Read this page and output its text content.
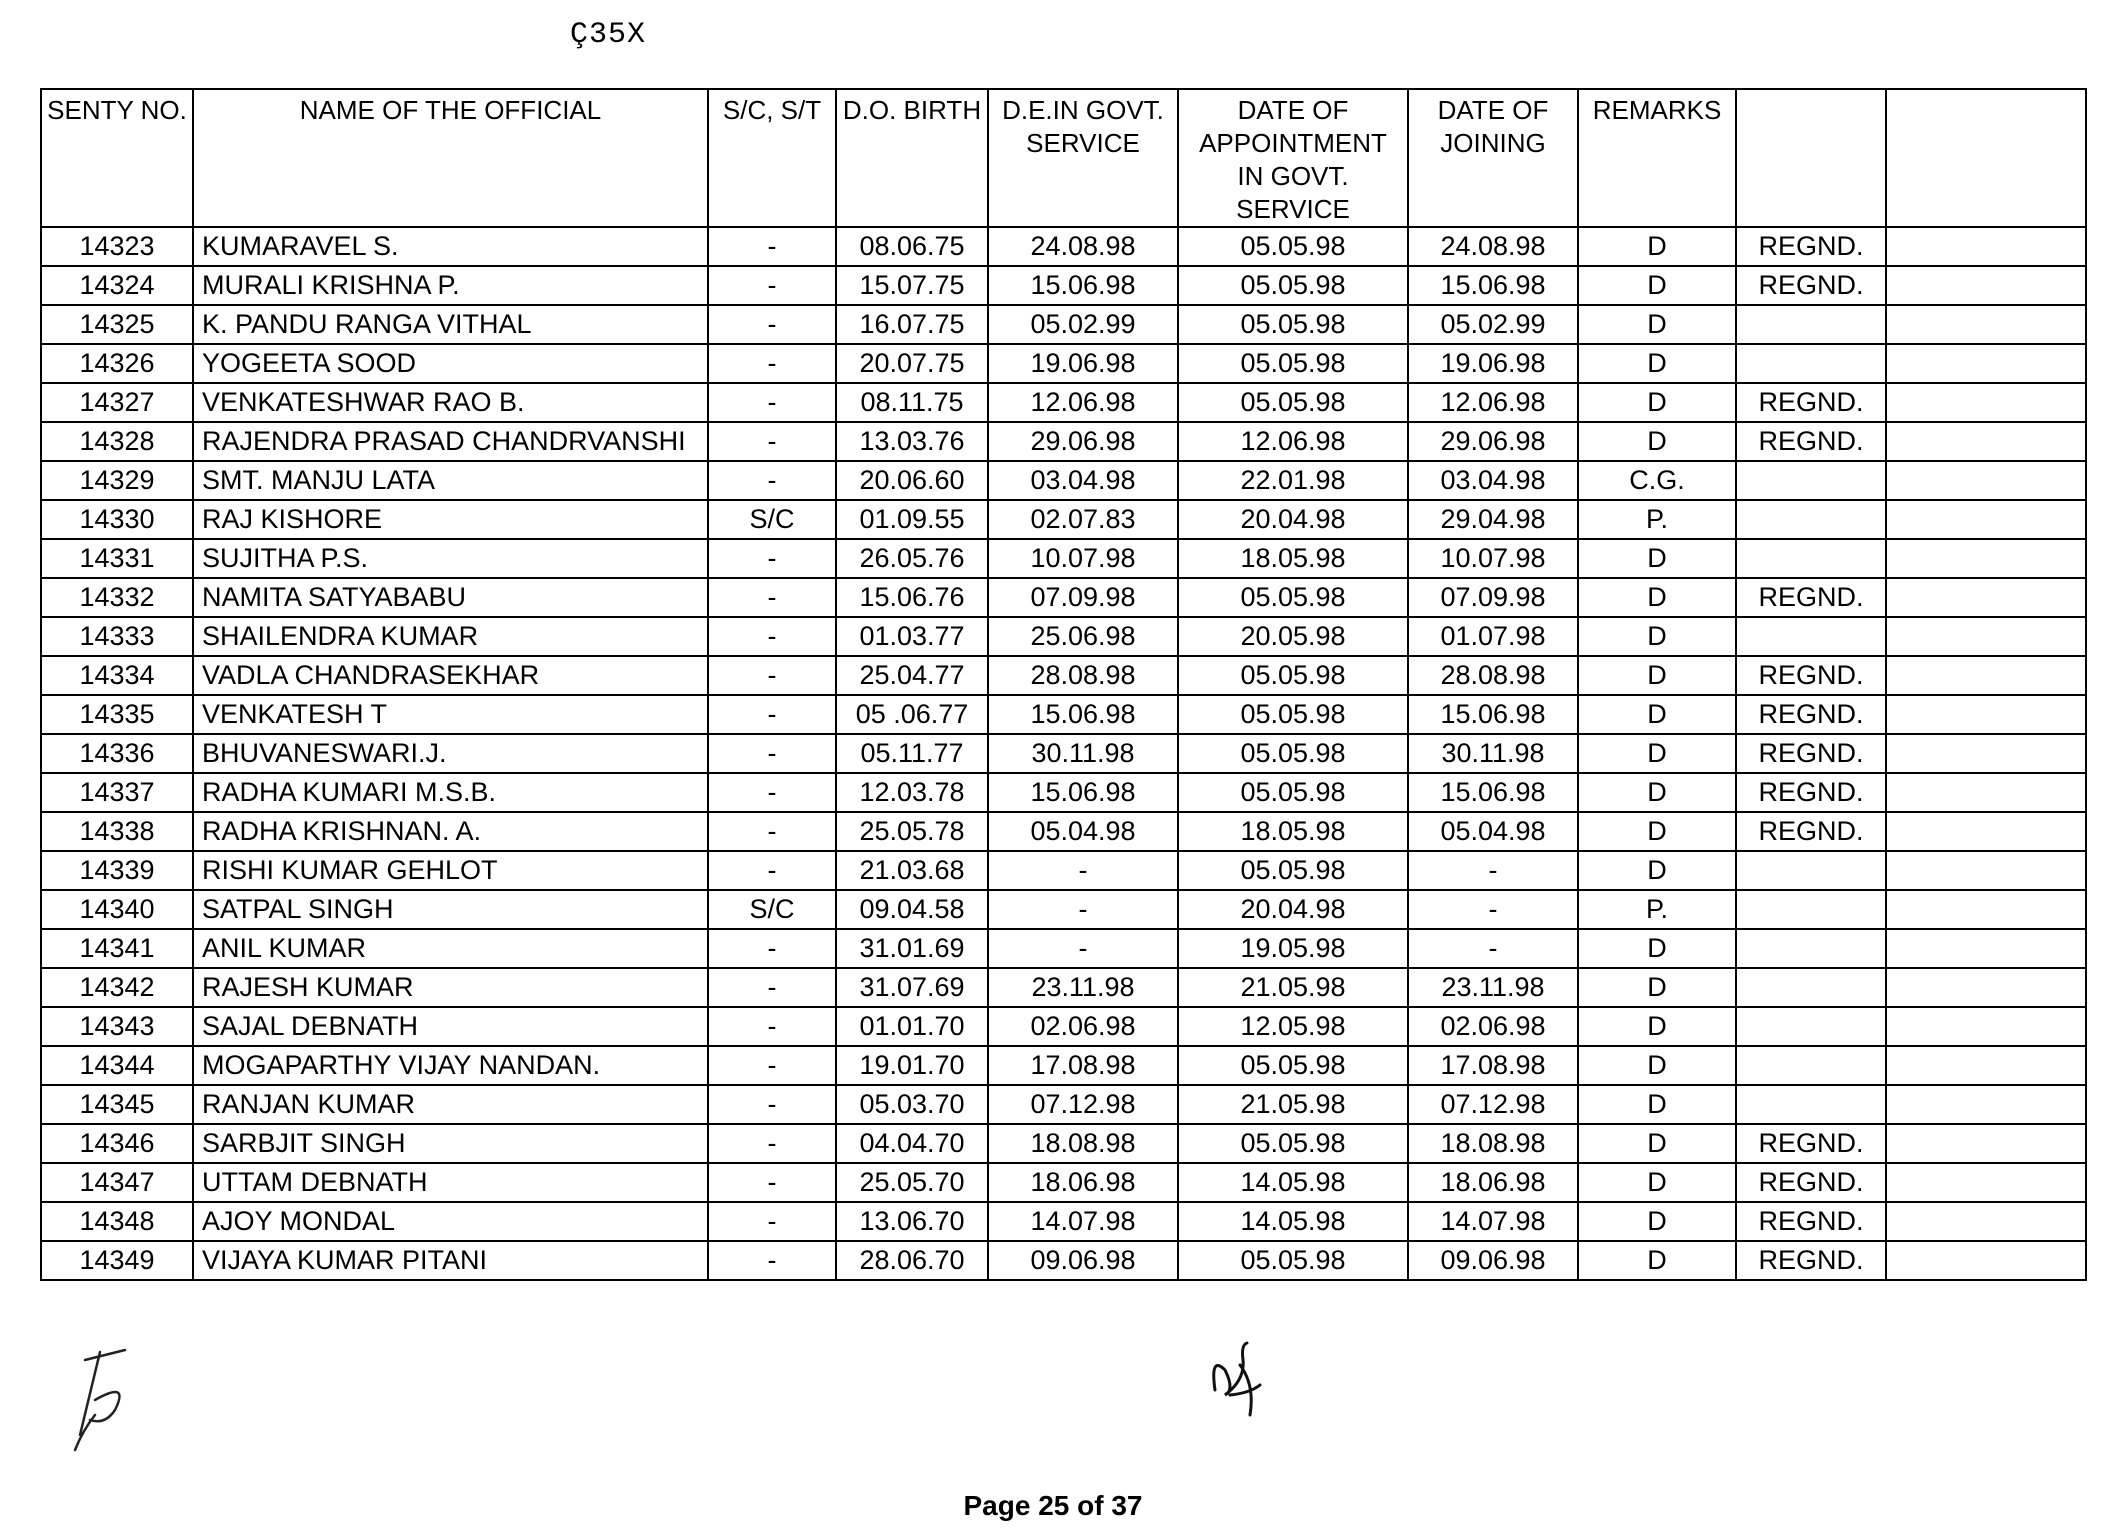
Ç35X
SENTY NO.	NAME OF THE OFFICIAL	S/C, S/T	D.O. BIRTH	D.E.IN GOVT. SERVICE	DATE OF APPOINTMENT IN GOVT. SERVICE	DATE OF JOINING	REMARKS		
14323	KUMARAVEL S.	-	08.06.75	24.08.98	05.05.98	24.08.98	D	REGND.	
14324	MURALI KRISHNA P.	-	15.07.75	15.06.98	05.05.98	15.06.98	D	REGND.	
14325	K. PANDU RANGA VITHAL	-	16.07.75	05.02.99	05.05.98	05.02.99	D		
14326	YOGEETA SOOD	-	20.07.75	19.06.98	05.05.98	19.06.98	D		
14327	VENKATESHWAR RAO B.	-	08.11.75	12.06.98	05.05.98	12.06.98	D	REGND.	
14328	RAJENDRA PRASAD CHANDRVANSHI	-	13.03.76	29.06.98	12.06.98	29.06.98	D	REGND.	
14329	SMT. MANJU LATA	-	20.06.60	03.04.98	22.01.98	03.04.98	C.G.		
14330	RAJ KISHORE	S/C	01.09.55	02.07.83	20.04.98	29.04.98	P.		
14331	SUJITHA P.S.	-	26.05.76	10.07.98	18.05.98	10.07.98	D		
14332	NAMITA SATYABABU	-	15.06.76	07.09.98	05.05.98	07.09.98	D	REGND.	
14333	SHAILENDRA KUMAR	-	01.03.77	25.06.98	20.05.98	01.07.98	D		
14334	VADLA CHANDRASEKHAR	-	25.04.77	28.08.98	05.05.98	28.08.98	D	REGND.	
14335	VENKATESH T	-	05 .06.77	15.06.98	05.05.98	15.06.98	D	REGND.	
14336	BHUVANESWARI.J.	-	05.11.77	30.11.98	05.05.98	30.11.98	D	REGND.	
14337	RADHA KUMARI M.S.B.	-	12.03.78	15.06.98	05.05.98	15.06.98	D	REGND.	
14338	RADHA KRISHNAN. A.	-	25.05.78	05.04.98	18.05.98	05.04.98	D	REGND.	
14339	RISHI KUMAR GEHLOT	-	21.03.68	-	05.05.98	-	D		
14340	SATPAL SINGH	S/C	09.04.58	-	20.04.98	-	P.		
14341	ANIL KUMAR	-	31.01.69	-	19.05.98	-	D		
14342	RAJESH KUMAR	-	31.07.69	23.11.98	21.05.98	23.11.98	D		
14343	SAJAL DEBNATH	-	01.01.70	02.06.98	12.05.98	02.06.98	D		
14344	MOGAPARTHY VIJAY NANDAN.	-	19.01.70	17.08.98	05.05.98	17.08.98	D		
14345	RANJAN KUMAR	-	05.03.70	07.12.98	21.05.98	07.12.98	D		
14346	SARBJIT SINGH	-	04.04.70	18.08.98	05.05.98	18.08.98	D	REGND.	
14347	UTTAM DEBNATH	-	25.05.70	18.06.98	14.05.98	18.06.98	D	REGND.	
14348	AJOY MONDAL	-	13.06.70	14.07.98	14.05.98	14.07.98	D	REGND.	
14349	VIJAYA KUMAR PITANI	-	28.06.70	09.06.98	05.05.98	09.06.98	D	REGND.	
Page 25 of 37
